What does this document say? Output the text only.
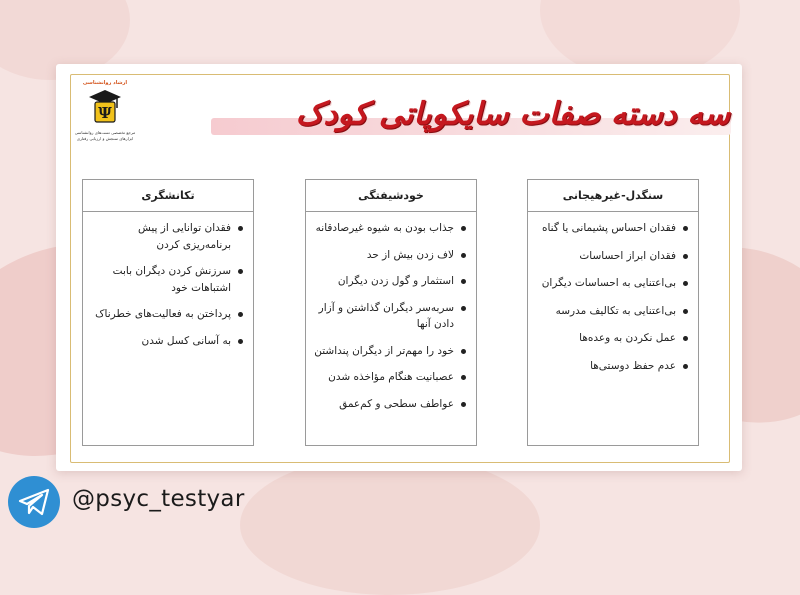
ارشاد روانشناسی
Ψ
مرجع تخصصی تست‌های روانشناسی
ابزارهای سنجش و ارزیابی رفتاری
سه دسته صفات سایکوپاتی کودک
سنگدل-غیرهیجانی
فقدان احساس پشیمانی یا گناه
فقدان ابراز احساسات
بی‌اعتنایی به احساسات دیگران
بی‌اعتنایی به تکالیف مدرسه
عمل نکردن به وعده‌ها
عدم حفظ دوستی‌ها
خودشیفتگی
جذاب بودن به شیوه غیرصادقانه
لاف زدن بیش از حد
استثمار و گول زدن دیگران
سربه‌سر دیگران گذاشتن و آزار دادن آنها
خود را مهم‌تر از دیگران پنداشتن
عصبانیت هنگام مؤاخذه شدن
عواطف سطحی و کم‌عمق
تکانشگری
فقدان توانایی از پیش برنامه‌ریزی کردن
سرزنش کردن دیگران بابت اشتباهات خود
پرداختن به فعالیت‌های خطرناک
به آسانی کسل شدن
@psyc_testyar
